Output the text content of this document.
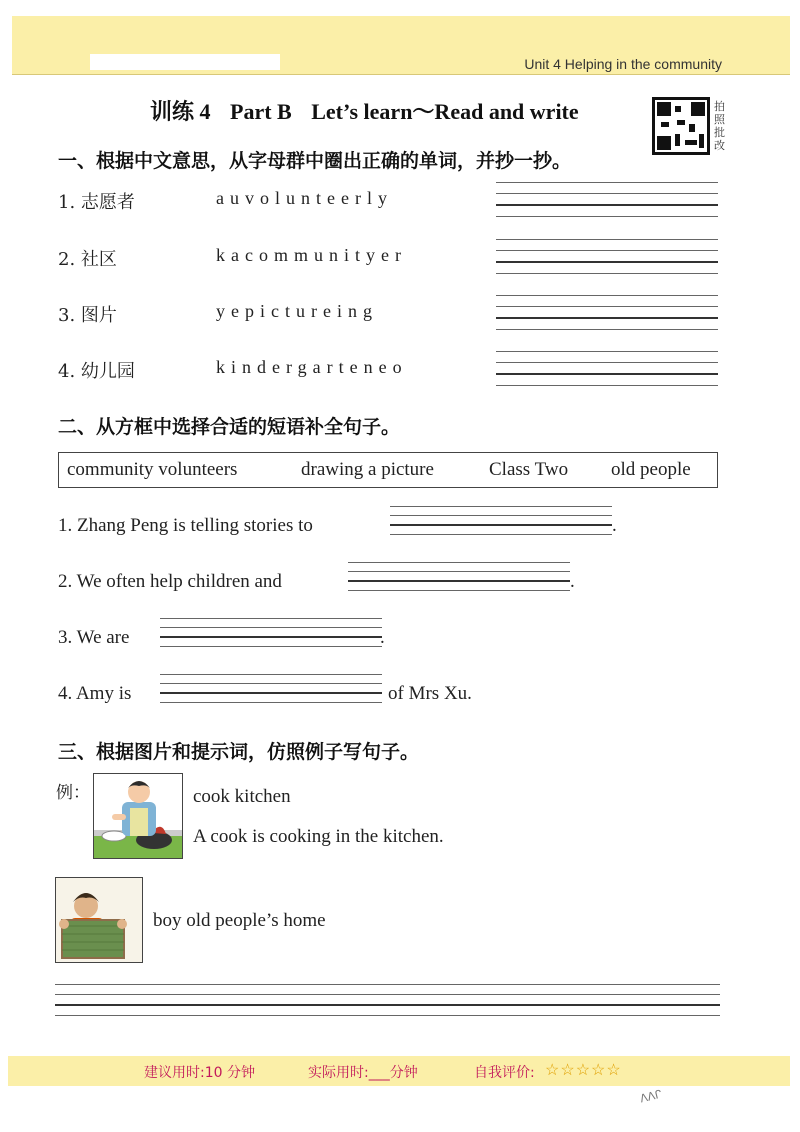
Unit 4 Helping in the community
训练 4 Part B Let’s learn～Read and write	拍照批改
一、根据中文意思，从字母群中圈出正确的单词，并抄一抄。
1. 志愿者	auvolunteerly
2. 社区	kacommunityer
3. 图片	yepictureing
4. 幼儿园	kindergarteneo
二、从方框中选择合适的短语补全句子。
community volunteers	drawing a picture	Class Two old people
1. Zhang Peng is telling stories to	.
2. We often help children and	.
3. We are	.
4. Amy is	of Mrs Xu.
三、根据图片和提示词，仿照例子写句子。
例：	cook kitchen
A cook is cooking in the kitchen.
boy old people’s home
建议用时:10 分钟	实际用时:___分钟	自我评价: ☆☆☆☆☆
ᐱᐱᒋ
